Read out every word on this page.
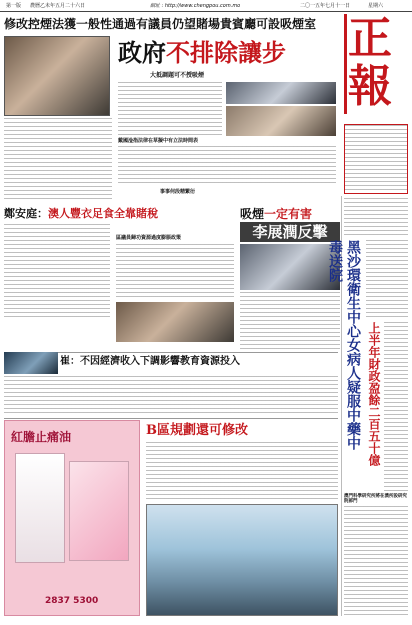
第一版 農曆乙未年五月二十六日	網址 : http://www.chengpou.com.mo	二〇一五年七月十一日	星期六
修改控煙法獲一般性通過有議員仍望賭場貴賓廳可設吸煙室 正
報
政府不排除讓步
大抵調題可不授吸煙
戴國淦指法律在草擬中有立法時間表
事事何段精繁衍
鄭安庭：澳人豐衣足食全靠賭稅
區議員歸功資源過度膨脹政策
吸煙一定有害
李展潤反擊
黑沙環衛生中心女病人疑服中藥中毒送院
上半年財政盈餘二百五十億
崔：不因經濟收入下調影響教育資源投入
紅膽止痛油
2837 5300
B區規劃還可修改
澳門科學研究所將在澳所設研究院部門
